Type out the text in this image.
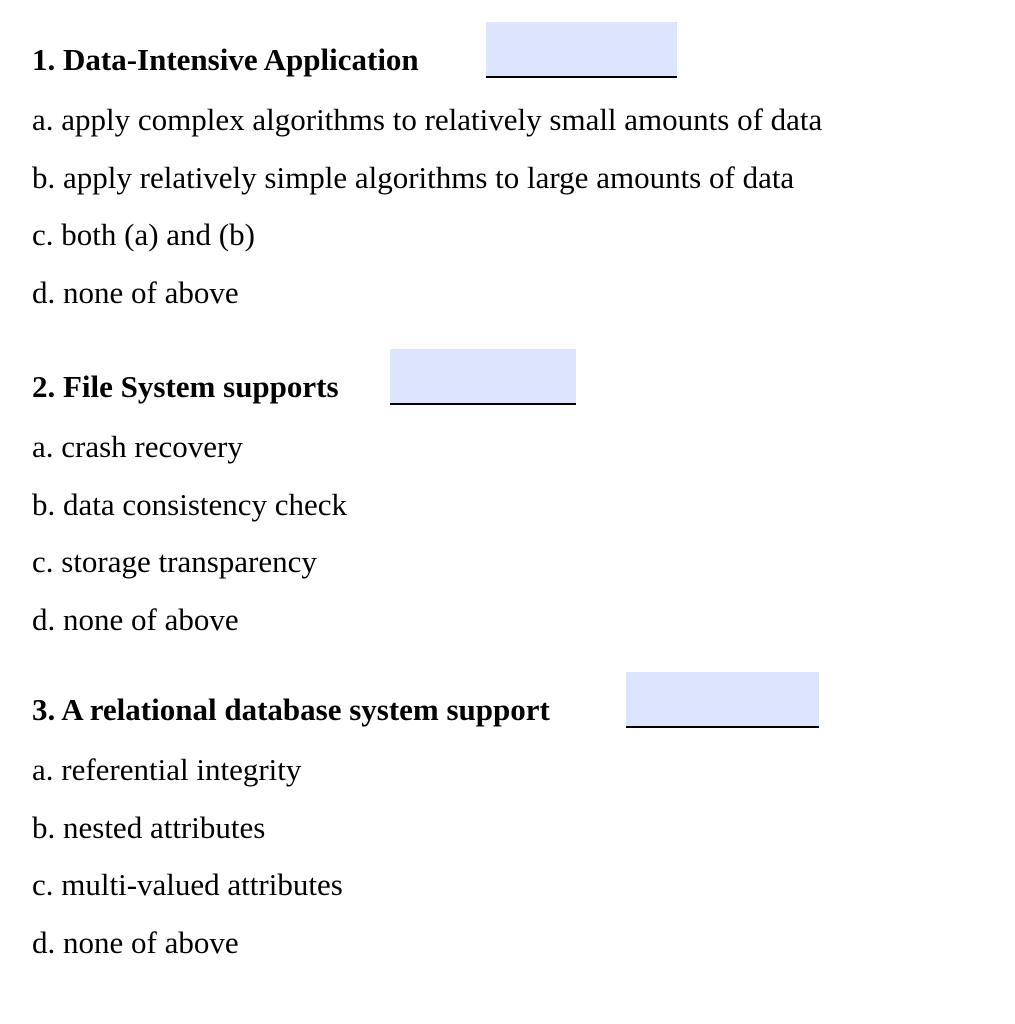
1. Data-Intensive Application
a. apply complex algorithms to relatively small amounts of data
b. apply relatively simple algorithms to large amounts of data
c. both (a) and (b)
d. none of above
2. File System supports
a. crash recovery
b. data consistency check
c. storage transparency
d. none of above
3. A relational database system support
a. referential integrity
b. nested attributes
c. multi-valued attributes
d. none of above
